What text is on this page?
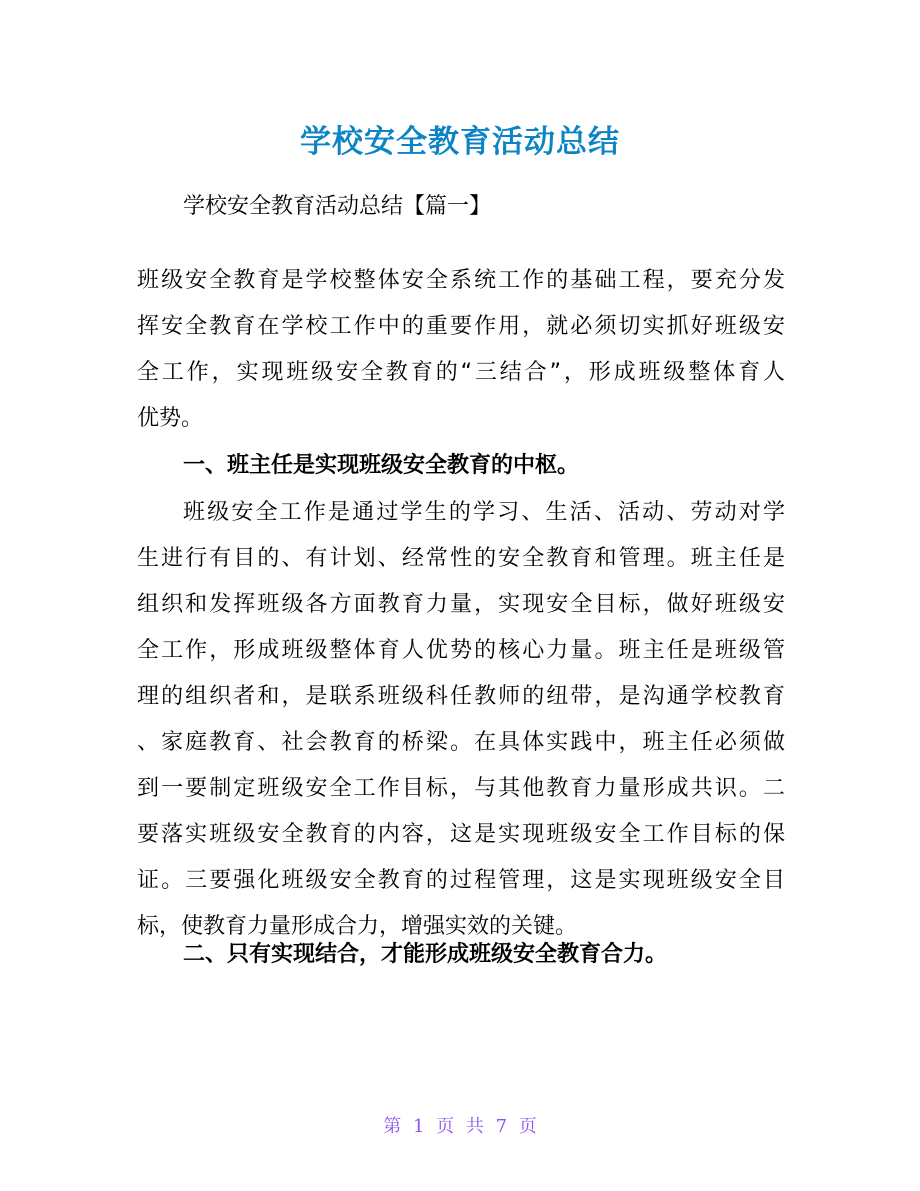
学校安全教育活动总结
学校安全教育活动总结【篇一】
班级安全教育是学校整体安全系统工作的基础工程，要充分发
挥安全教育在学校工作中的重要作用，就必须切实抓好班级安
全工作，实现班级安全教育的“三结合”，形成班级整体育人
优势。
一、班主任是实现班级安全教育的中枢。
班级安全工作是通过学生的学习、生活、活动、劳动对学
生进行有目的、有计划、经常性的安全教育和管理。班主任是
组织和发挥班级各方面教育力量，实现安全目标，做好班级安
全工作，形成班级整体育人优势的核心力量。班主任是班级管
理的组织者和，是联系班级科任教师的纽带，是沟通学校教育
、家庭教育、社会教育的桥梁。在具体实践中，班主任必须做
到一要制定班级安全工作目标，与其他教育力量形成共识。二
要落实班级安全教育的内容，这是实现班级安全工作目标的保
证。三要强化班级安全教育的过程管理，这是实现班级安全目
标，使教育力量形成合力，增强实效的关键。
二、只有实现结合，才能形成班级安全教育合力。
第 1 页 共 7 页
